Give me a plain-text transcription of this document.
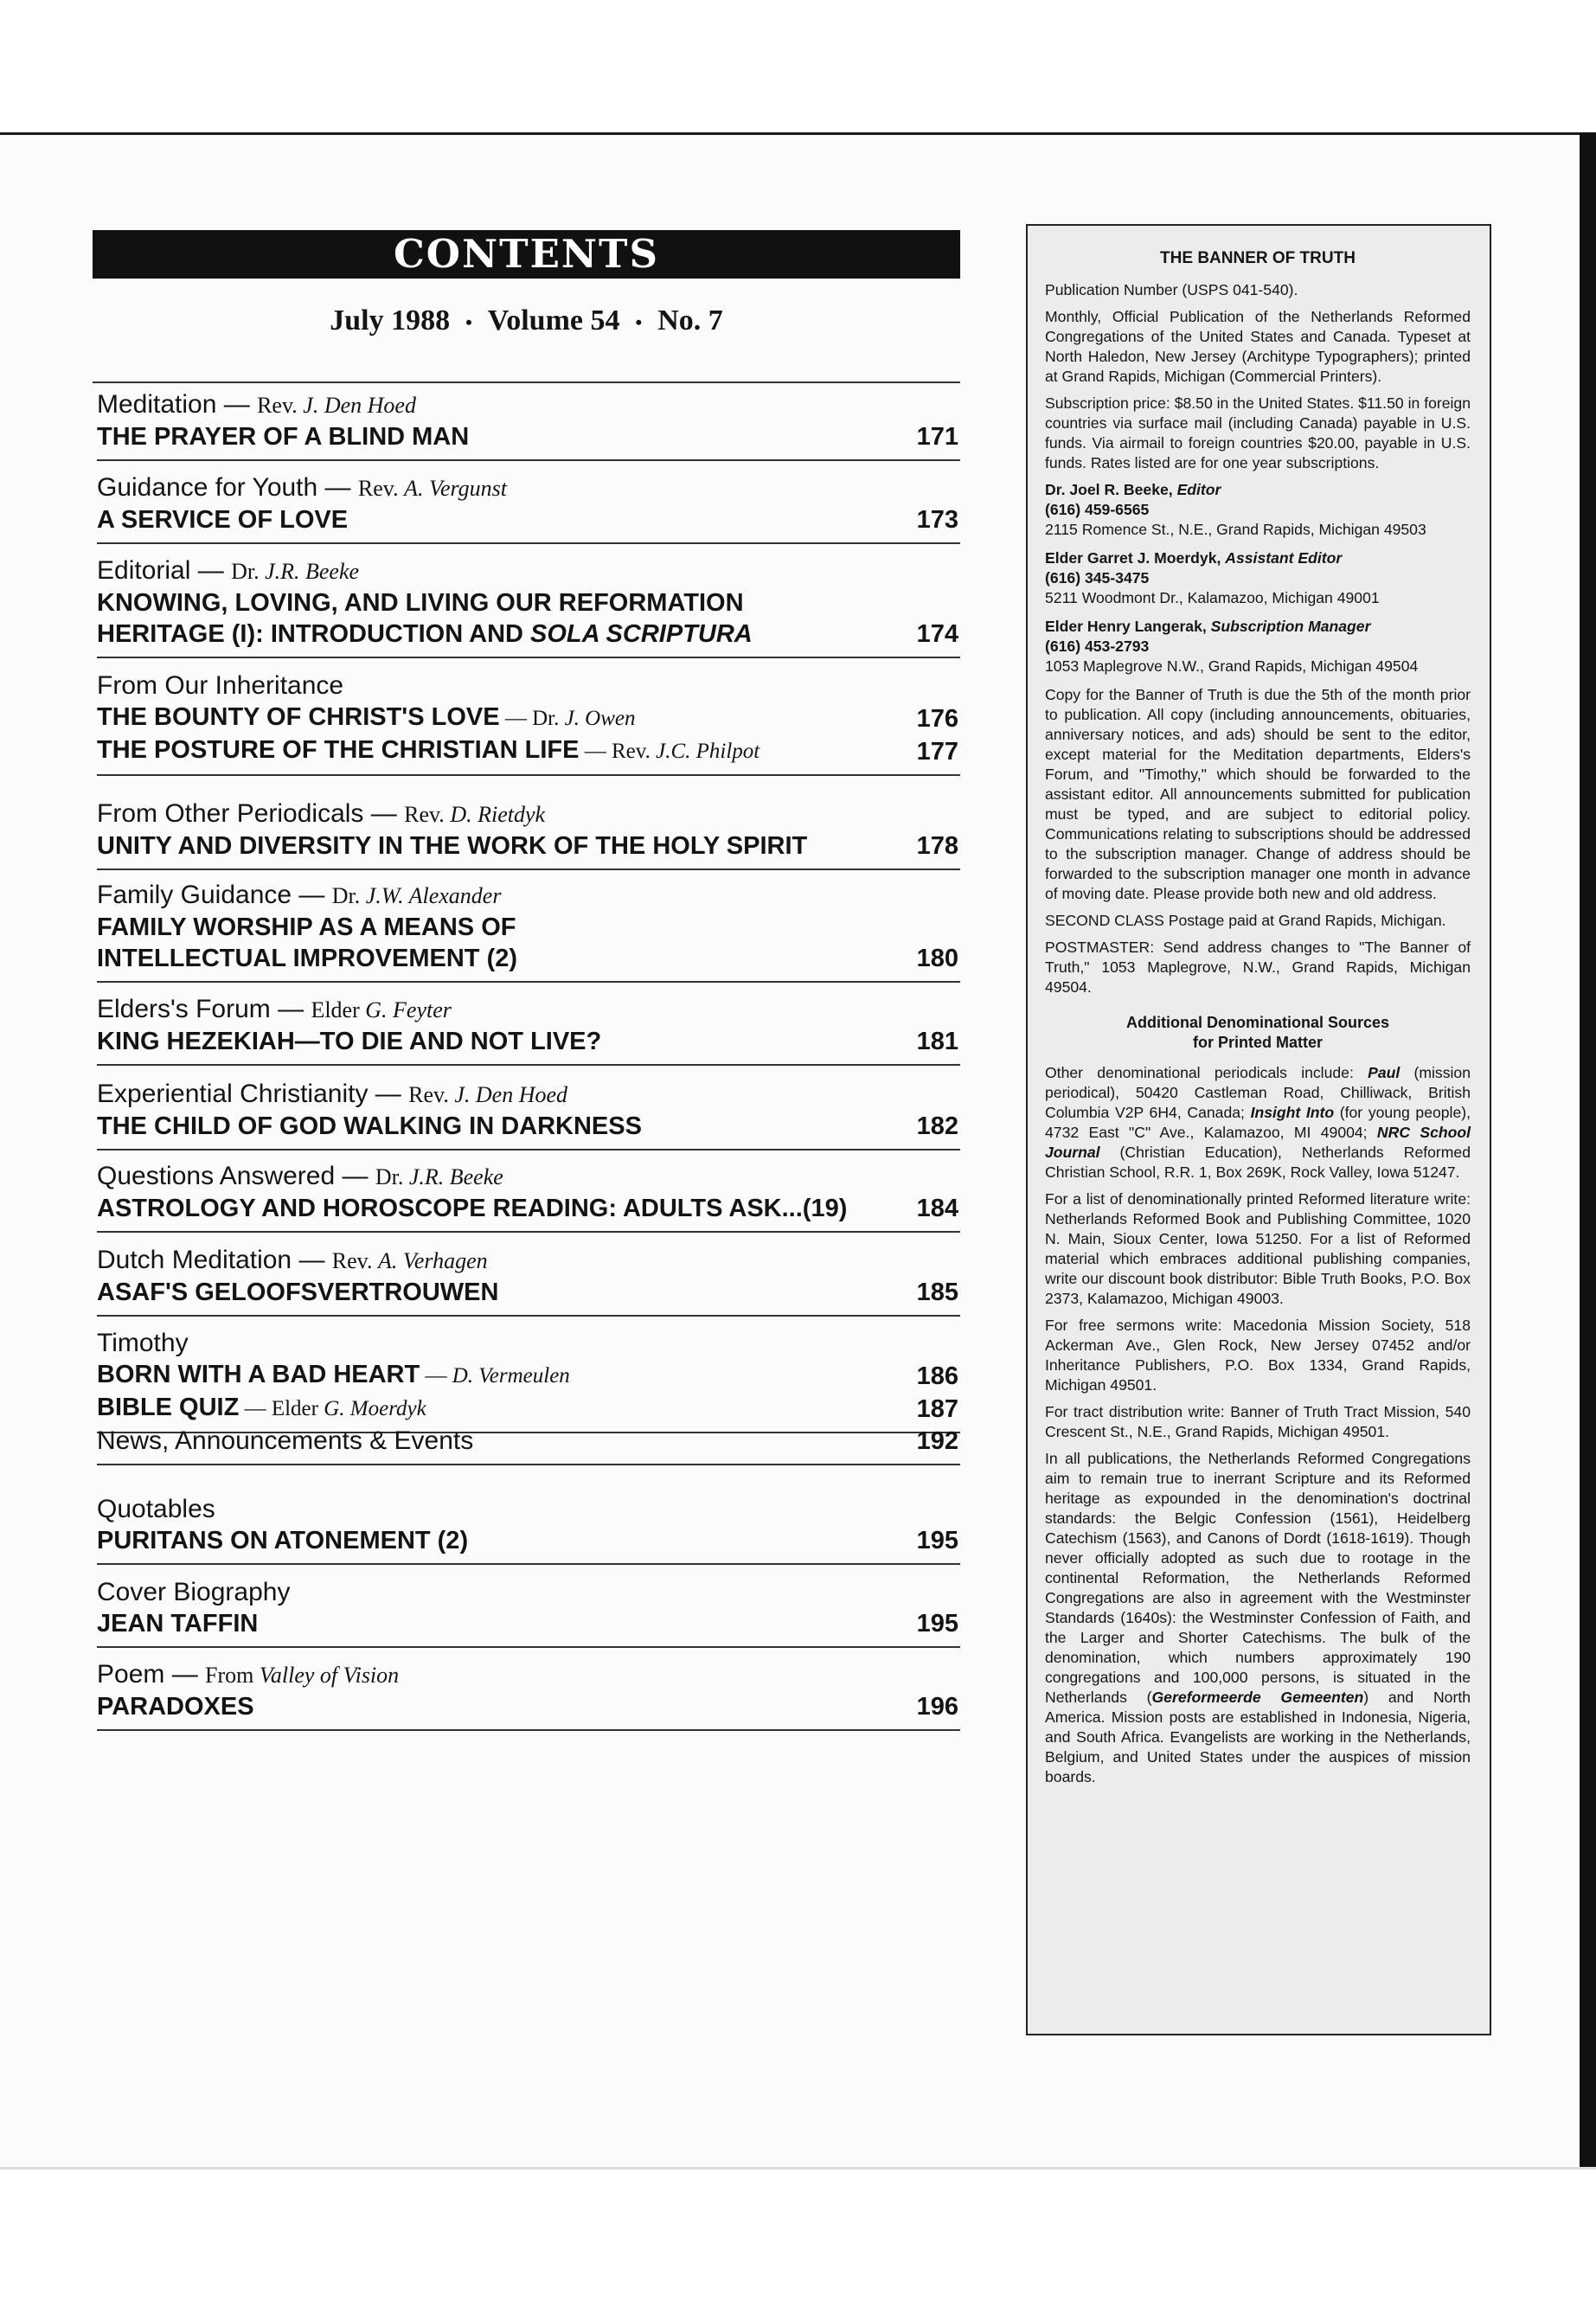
CONTENTS
July 1988 • Volume 54 • No. 7
Meditation — Rev. J. Den Hoed
THE PRAYER OF A BLIND MAN	171
Guidance for Youth — Rev. A. Vergunst
A SERVICE OF LOVE	173
Editorial — Dr. J.R. Beeke
KNOWING, LOVING, AND LIVING OUR REFORMATION
HERITAGE (I): INTRODUCTION AND SOLA SCRIPTURA	174
From Our Inheritance
THE BOUNTY OF CHRIST'S LOVE — Dr. J. Owen	176
THE POSTURE OF THE CHRISTIAN LIFE — Rev. J.C. Philpot	177
From Other Periodicals — Rev. D. Rietdyk
UNITY AND DIVERSITY IN THE WORK OF THE HOLY SPIRIT	178
Family Guidance — Dr. J.W. Alexander
FAMILY WORSHIP AS A MEANS OF
INTELLECTUAL IMPROVEMENT (2)	180
Elders's Forum — Elder G. Feyter
KING HEZEKIAH—TO DIE AND NOT LIVE?	181
Experiential Christianity — Rev. J. Den Hoed
THE CHILD OF GOD WALKING IN DARKNESS	182
Questions Answered — Dr. J.R. Beeke
ASTROLOGY AND HOROSCOPE READING: ADULTS ASK...(19)	184
Dutch Meditation — Rev. A. Verhagen
ASAF'S GELOOFSVERTROUWEN	185
Timothy
BORN WITH A BAD HEART — D. Vermeulen	186
BIBLE QUIZ — Elder G. Moerdyk	187
News, Announcements & Events	192
Quotables
PURITANS ON ATONEMENT (2)	195
Cover Biography
JEAN TAFFIN	195
Poem — From Valley of Vision
PARADOXES	196
THE BANNER OF TRUTH

Publication Number (USPS 041-540).

Monthly, Official Publication of the Netherlands Reformed Congregations of the United States and Canada. Typeset at North Haledon, New Jersey (Architype Typographers); printed at Grand Rapids, Michigan (Commercial Printers).

Subscription price: $8.50 in the United States. $11.50 in foreign countries via surface mail (including Canada) payable in U.S. funds. Via airmail to foreign countries $20.00, payable in U.S. funds. Rates listed are for one year subscriptions.

Dr. Joel R. Beeke, Editor
(616) 459-6565
2115 Romence St., N.E., Grand Rapids, Michigan 49503
Elder Garret J. Moerdyk, Assistant Editor
(616) 345-3475
5211 Woodmont Dr., Kalamazoo, Michigan 49001
Elder Henry Langerak, Subscription Manager
(616) 453-2793
1053 Maplegrove N.W., Grand Rapids, Michigan 49504

Copy for the Banner of Truth is due the 5th of the month prior to publication. All copy (including announcements, obituaries, anniversary notices, and ads) should be sent to the editor, except material for the Meditation departments, Elders's Forum, and "Timothy," which should be forwarded to the assistant editor. All announcements submitted for publication must be typed, and are subject to editorial policy. Communications relating to subscriptions should be addressed to the subscription manager. Change of address should be forwarded to the subscription manager one month in advance of moving date. Please provide both new and old address.

SECOND CLASS Postage paid at Grand Rapids, Michigan.

POSTMASTER: Send address changes to "The Banner of Truth," 1053 Maplegrove, N.W., Grand Rapids, Michigan 49504.

Additional Denominational Sources
for Printed Matter

Other denominational periodicals include: Paul (mission periodical), 50420 Castleman Road, Chilliwack, British Columbia V2P 6H4, Canada; Insight Into (for young people), 4732 East "C" Ave., Kalamazoo, MI 49004; NRC School Journal (Christian Education), Netherlands Reformed Christian School, R.R. 1, Box 269K, Rock Valley, Iowa 51247.

For a list of denominationally printed Reformed literature write: Netherlands Reformed Book and Publishing Committee, 1020 N. Main, Sioux Center, Iowa 51250. For a list of Reformed material which embraces additional publishing companies, write our discount book distributor: Bible Truth Books, P.O. Box 2373, Kalamazoo, Michigan 49003.

For free sermons write: Macedonia Mission Society, 518 Ackerman Ave., Glen Rock, New Jersey 07452 and/or Inheritance Publishers, P.O. Box 1334, Grand Rapids, Michigan 49501.

For tract distribution write: Banner of Truth Tract Mission, 540 Crescent St., N.E., Grand Rapids, Michigan 49501.

In all publications, the Netherlands Reformed Congregations aim to remain true to inerrant Scripture and its Reformed heritage as expounded in the denomination's doctrinal standards: the Belgic Confession (1561), Heidelberg Catechism (1563), and Canons of Dordt (1618-1619). Though never officially adopted as such due to rootage in the continental Reformation, the Netherlands Reformed Congregations are also in agreement with the Westminster Standards (1640s): the Westminster Confession of Faith, and the Larger and Shorter Catechisms. The bulk of the denomination, which numbers approximately 190 congregations and 100,000 persons, is situated in the Netherlands (Gereformeerde Gemeenten) and North America. Mission posts are established in Indonesia, Nigeria, and South Africa. Evangelists are working in the Netherlands, Belgium, and United States under the auspices of mission boards.
